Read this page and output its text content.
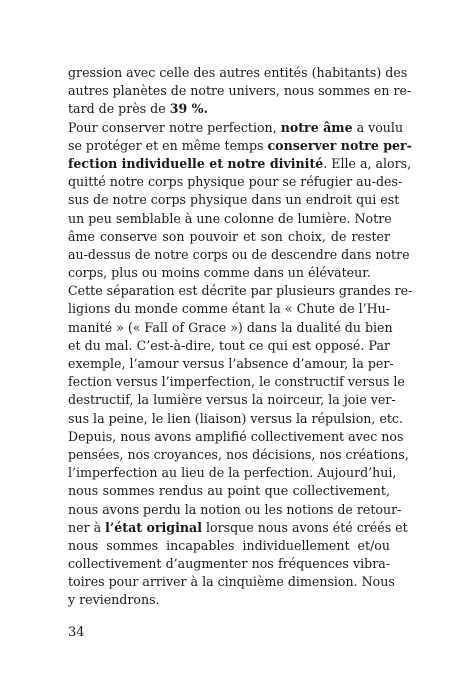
gression avec celle des autres entités (habitants) des
autres planètes de notre univers, nous sommes en re-
tard de près de 39 %.
Pour conserver notre perfection, notre âme a voulu
se protéger et en même temps conserver notre per-
fection individuelle et notre divinité. Elle a, alors,
quitté notre corps physique pour se réfugier au-des-
sus de notre corps physique dans un endroit qui est
un peu semblable à une colonne de lumière. Notre
âme conserve son pouvoir et son choix, de rester
au-dessus de notre corps ou de descendre dans notre
corps, plus ou moins comme dans un élévateur.
Cette séparation est décrite par plusieurs grandes re-
ligions du monde comme étant la « Chute de l’Hu-
manité » (« Fall of Grace ») dans la dualité du bien
et du mal. C’est-à-dire, tout ce qui est opposé. Par
exemple, l’amour versus l’absence d’amour, la per-
fection versus l’imperfection, le constructif versus le
destructif, la lumière versus la noirceur, la joie ver-
sus la peine, le lien (liaison) versus la répulsion, etc.
Depuis, nous avons amplifié collectivement avec nos
pensées, nos croyances, nos décisions, nos créations,
l’imperfection au lieu de la perfection. Aujourd’hui,
nous sommes rendus au point que collectivement,
nous avons perdu la notion ou les notions de retour-
ner à l’état original lorsque nous avons été créés et
nous sommes incapables individuellement et/ou
collectivement d’augmenter nos fréquences vibra-
toires pour arriver à la cinquième dimension. Nous
y reviendrons.
34
